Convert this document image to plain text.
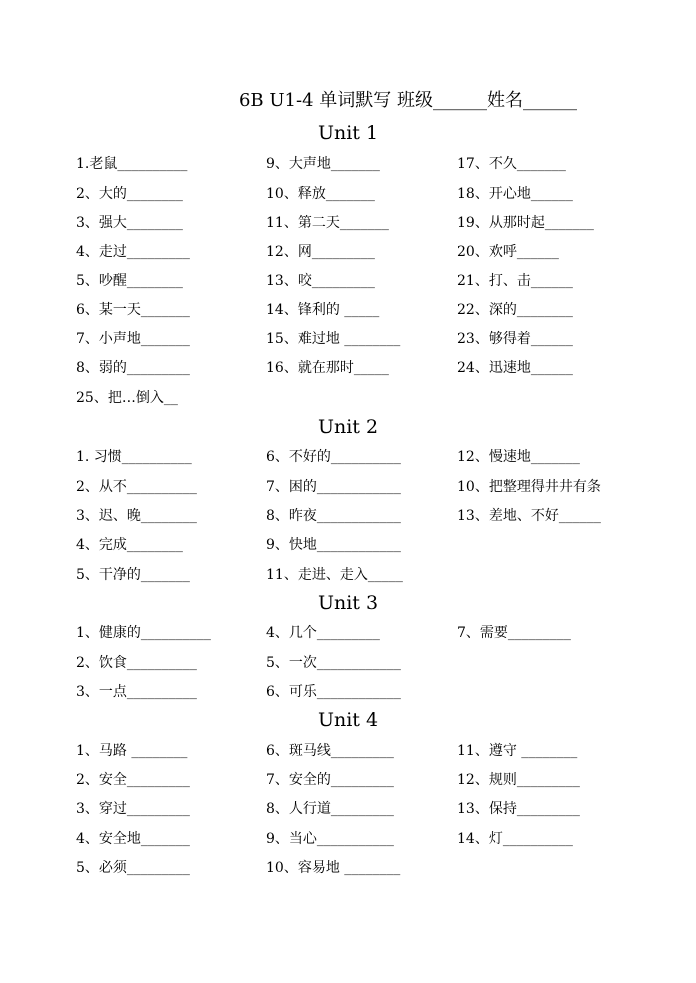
6B U1-4 单词默写 班级______姓名______
Unit 1
1.老鼠__________
2、大的________
3、强大________
4、走过_________
5、吵醒________
6、某一天_______
7、小声地_______
8、弱的_________
25、把…倒入__
9、大声地_______
10、释放_______
11、第二天_______
12、网_________
13、咬_________
14、锋利的 _____
15、难过地 ________
16、就在那时_____
17、不久_______
18、开心地______
19、从那时起_______
20、欢呼______
21、打、击______
22、深的________
23、够得着______
24、迅速地______
Unit 2
1. 习惯__________
2、从不__________
3、迟、晚________
4、完成________
5、干净的_______
6、不好的__________
7、困的____________
8、昨夜____________
9、快地____________
11、走进、走入_____
12、慢速地_______
10、把整理得井井有条
13、差地、不好______
Unit 3
1、健康的__________
2、饮食__________
3、一点__________
4、几个_________
5、一次____________
6、可乐____________
7、需要_________
Unit 4
1、马路 ________
2、安全_________
3、穿过_________
4、安全地_______
5、必须_________
6、斑马线_________
7、安全的_________
8、人行道_________
9、当心___________
10、容易地 ________
11、遵守 ________
12、规则_________
13、保持_________
14、灯__________
